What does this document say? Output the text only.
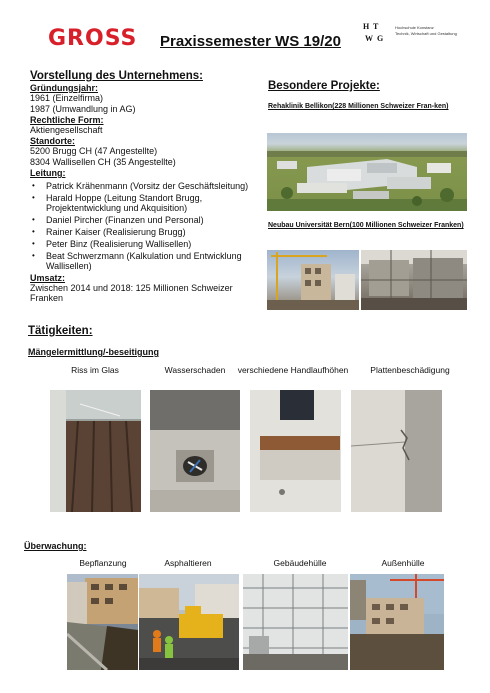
GROSS Praxissemester WS 19/20
H T
W G
Hochschule Konstanz
Technik, Wirtschaft und Gestaltung
Vorstellung des Unternehmens:
Gründungsjahr:
1961 (Einzelfirma)
1987 (Umwandlung in AG)
Rechtliche Form:
Aktiengesellschaft
Standorte:
5200 Brugg CH (47 Angestellte)
8304 Wallisellen CH (35 Angestellte)
Leitung:
• Patrick Krähenmann (Vorsitz der Geschäftsleitung)
• Harald Hoppe (Leitung Standort Brugg, Projektentwicklung und Akquisition)
• Daniel Pircher (Finanzen und Personal)
• Rainer Kaiser (Realisierung Brugg)
• Peter Binz (Realisierung Wallisellen)
• Beat Schwerzmann (Kalkulation und Entwicklung Wallisellen)
Umsatz:
Zwischen 2014 und 2018: 125 Millionen Schweizer Franken
Besondere Projekte:
Rehaklinik Bellikon(228 Millionen Schweizer Fran-ken)
Neubau Universität Bern(100 Millionen Schweizer Franken)
Tätigkeiten:
Mängelermittlung/-beseitigung
Riss im Glas	Wasserschaden	verschiedene Handlaufhöhen	Plattenbeschädigung
Überwachung:
Bepflanzung	Asphaltieren	Gebäudehülle	Außenhülle
